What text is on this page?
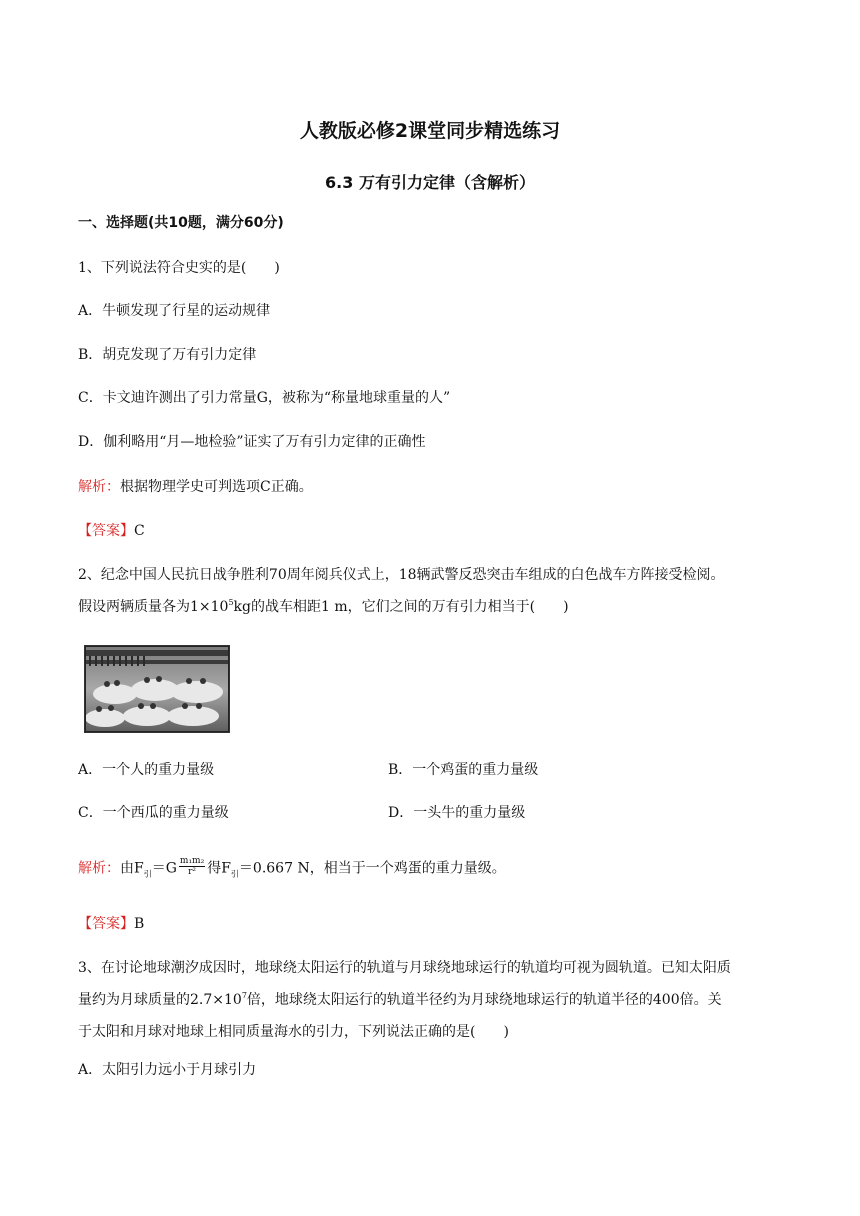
人教版必修2课堂同步精选练习
6.3 万有引力定律（含解析）
一、选择题(共10题，满分60分)
1、下列说法符合史实的是(　　)
A．牛顿发现了行星的运动规律
B．胡克发现了万有引力定律
C．卡文迪许测出了引力常量G，被称为“称量地球重量的人”
D．伽利略用“月—地检验”证实了万有引力定律的正确性
解析：根据物理学史可判选项C正确。
【答案】C
2、纪念中国人民抗日战争胜利70周年阅兵仪式上，18辆武警反恐突击车组成的白色战车方阵接受检阅。
假设两辆质量各为$1\times 10^5kg$的战车相距1 m，它们之间的万有引力相当于(　　)
A．一个人的重力量级	B．一个鸡蛋的重力量级
C．一个西瓜的重力量级	D．一头牛的重力量级
解析：由$F_引=G \frac{\text{m₁m₂}}{\text{r²}}$ 得$F_引=0.667$ N，相当于一个鸡蛋的重力量级。
【答案】B
3、在讨论地球潮汐成因时，地球绕太阳运行的轨道与月球绕地球运行的轨道均可视为圆轨道。已知太阳质
量约为月球质量的$2.7\times 10^7$倍，地球绕太阳运行的轨道半径约为月球绕地球运行的轨道半径的400倍。关
于太阳和月球对地球上相同质量海水的引力，下列说法正确的是(　　)
A．太阳引力远小于月球引力
